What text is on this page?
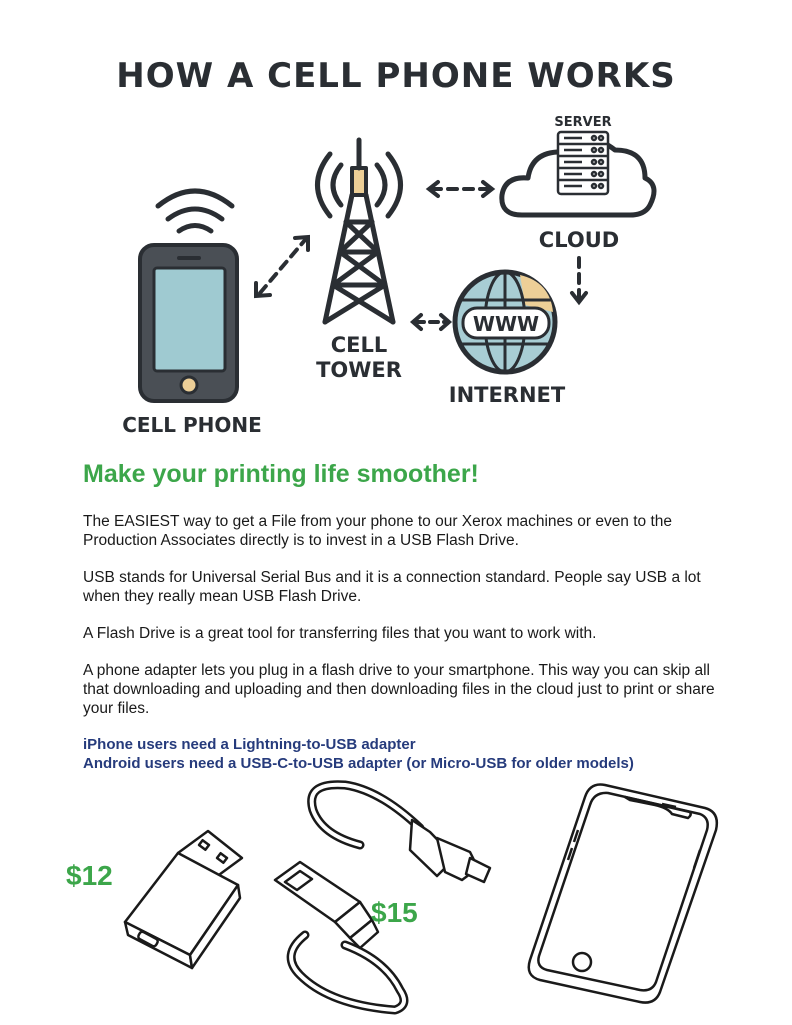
HOW A CELL PHONE WORKS
CELL PHONE
CELL
TOWER
SERVER
CLOUD
WWW
INTERNET
Make your printing life smoother!

The EASIEST way to get a File from your phone to our Xerox machines or even to the Production Associates directly is to invest in a USB Flash Drive.

USB stands for Universal Serial Bus and it is a connection standard. People say USB a lot when they really mean USB Flash Drive.

A Flash Drive is a great tool for transferring files that you want to work with.

A phone adapter lets you plug in a flash drive to your smartphone. This way you can skip all that downloading and uploading and then downloading files in the cloud just to print or share your files.

iPhone users need a Lightning-to-USB adapter
Android users need a USB-C-to-USB adapter (or Micro-USB for older models)
$12
$15
